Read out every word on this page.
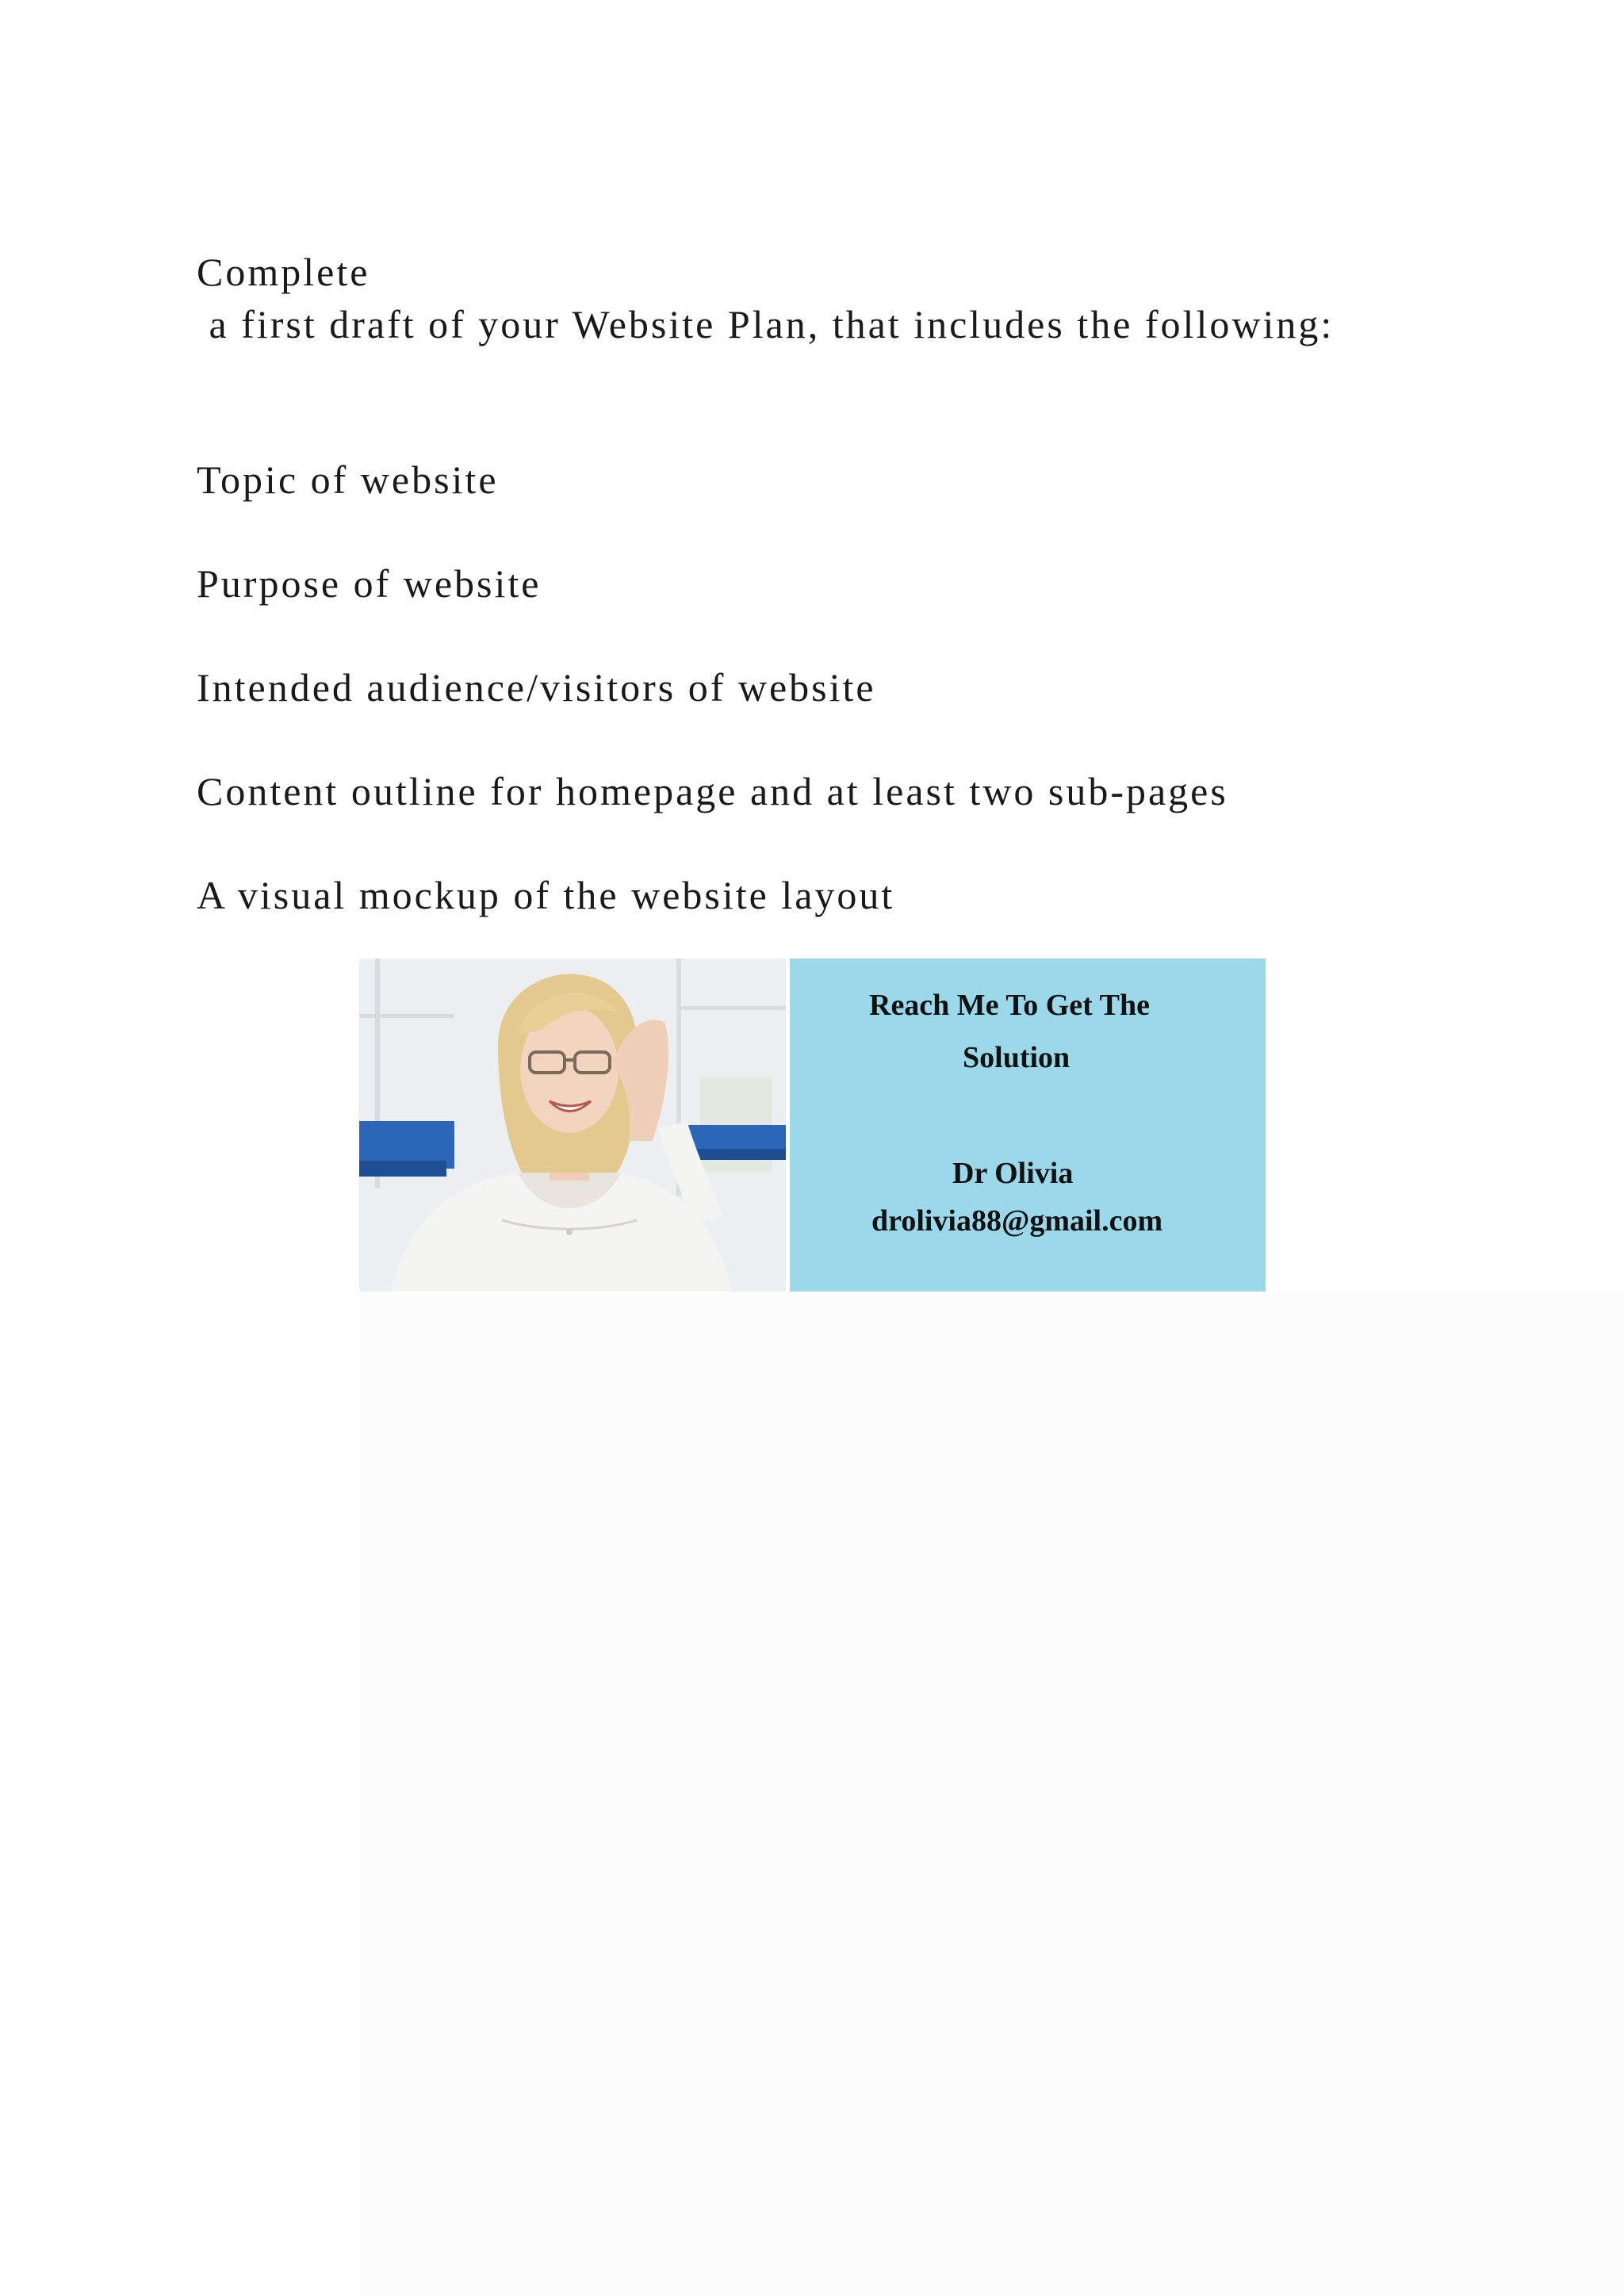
Complete
a first draft of your Website Plan, that includes the following:
Topic of website
Purpose of website
Intended audience/visitors of website
Content outline for homepage and at least two sub-pages
A visual mockup of the website layout
Reach Me To Get The
Solution
Dr Olivia
drolivia88@gmail.com
